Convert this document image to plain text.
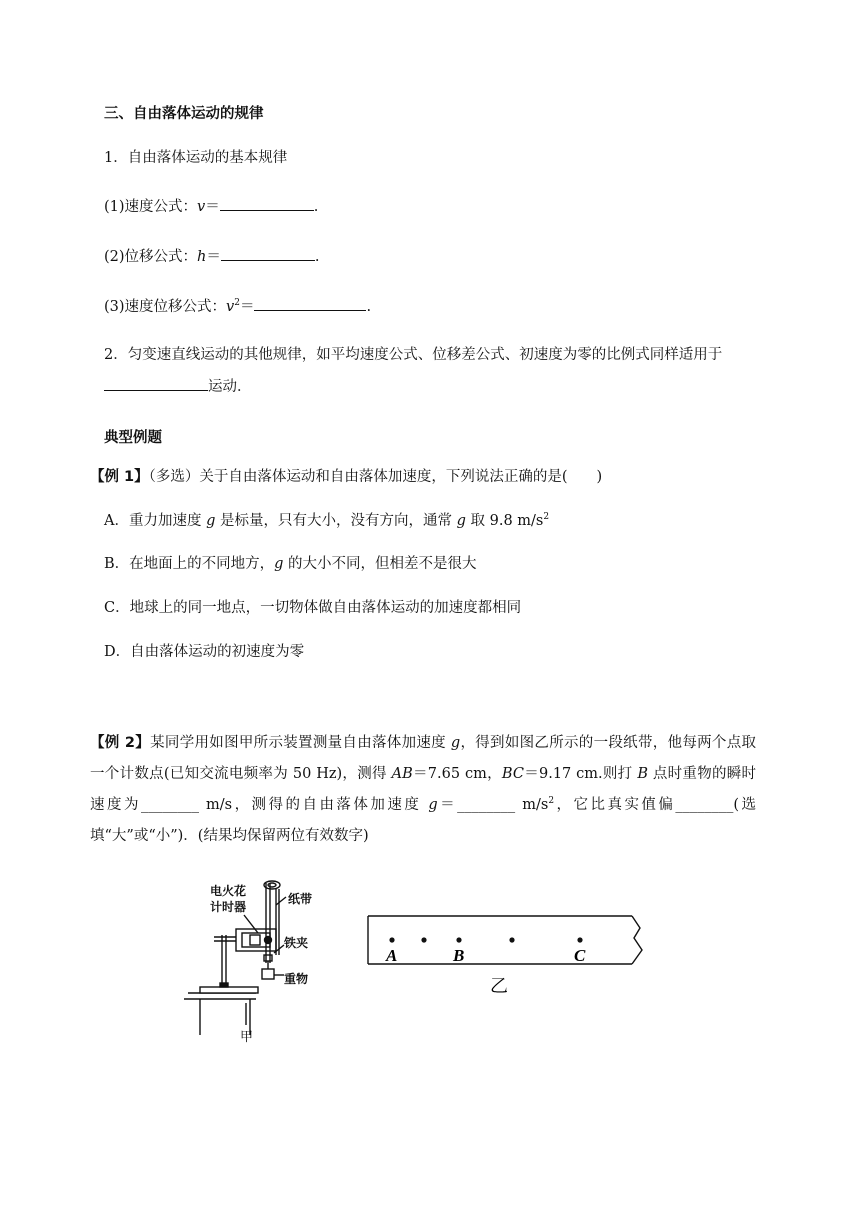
三、自由落体运动的规律
1．自由落体运动的基本规律
(1)速度公式：v＝	.
(2)位移公式：h＝	.
(3)速度位移公式：$v^2=$	.
2．匀变速直线运动的其他规律，如平均速度公式、位移差公式、初速度为零的比例式同样适用于
运动．
典型例题
【例 1】（多选）关于自由落体运动和自由落体加速度，下列说法正确的是(　　)
A．重力加速度 g 是标量，只有大小，没有方向，通常 g 取 9.8 $m/s^2$
B．在地面上的不同地方，g 的大小不同，但相差不是很大
C．地球上的同一地点，一切物体做自由落体运动的加速度都相同
D．自由落体运动的初速度为零
【例 2】某同学用如图甲所示装置测量自由落体加速度 g，得到如图乙所示的一段纸带，他每两个点取一个计数点(已知交流电频率为 50 Hz)，测得 AB＝7.65 cm，BC＝9.17 cm.则打 B 点时重物的瞬时速度为________ m/s，测得的自由落体加速度 g＝________ $m/s^2$，它比真实值偏________(选填“大”或“小”)．(结果均保留两位有效数字)
电火花
计时器
纸带
铁夹
重物
甲
A	B	C
乙
